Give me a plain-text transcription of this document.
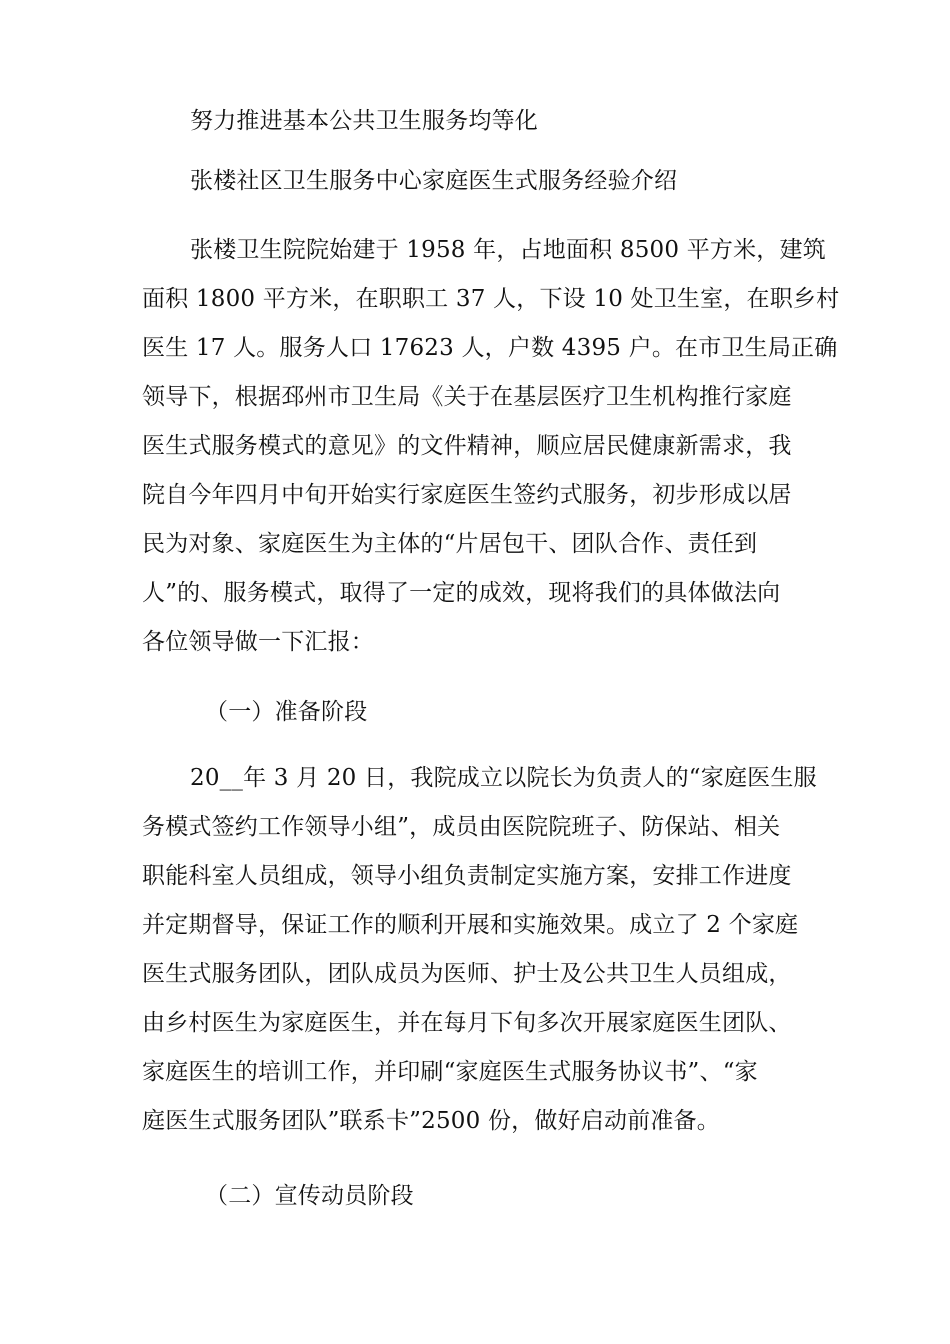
努力推进基本公共卫生服务均等化
张楼社区卫生服务中心家庭医生式服务经验介绍
张楼卫生院院始建于 1958 年，占地面积 8500 平方米，建筑
面积 1800 平方米，在职职工 37 人，下设 10 处卫生室，在职乡村
医生 17 人。服务人口 17623 人，户数 4395 户。在市卫生局正确
领导下，根据邳州市卫生局《关于在基层医疗卫生机构推行家庭
医生式服务模式的意见》的文件精神，顺应居民健康新需求，我
院自今年四月中旬开始实行家庭医生签约式服务，初步形成以居
民为对象、家庭医生为主体的“片居包干、团队合作、责任到
人”的、服务模式，取得了一定的成效，现将我们的具体做法向
各位领导做一下汇报：
（一）准备阶段
20__年 3 月 20 日，我院成立以院长为负责人的“家庭医生服
务模式签约工作领导小组”，成员由医院院班子、防保站、相关
职能科室人员组成，领导小组负责制定实施方案，安排工作进度
并定期督导，保证工作的顺利开展和实施效果。成立了 2 个家庭
医生式服务团队，团队成员为医师、护士及公共卫生人员组成，
由乡村医生为家庭医生，并在每月下旬多次开展家庭医生团队、
家庭医生的培训工作，并印刷“家庭医生式服务协议书”、“家
庭医生式服务团队”联系卡”2500 份，做好启动前准备。
（二）宣传动员阶段
